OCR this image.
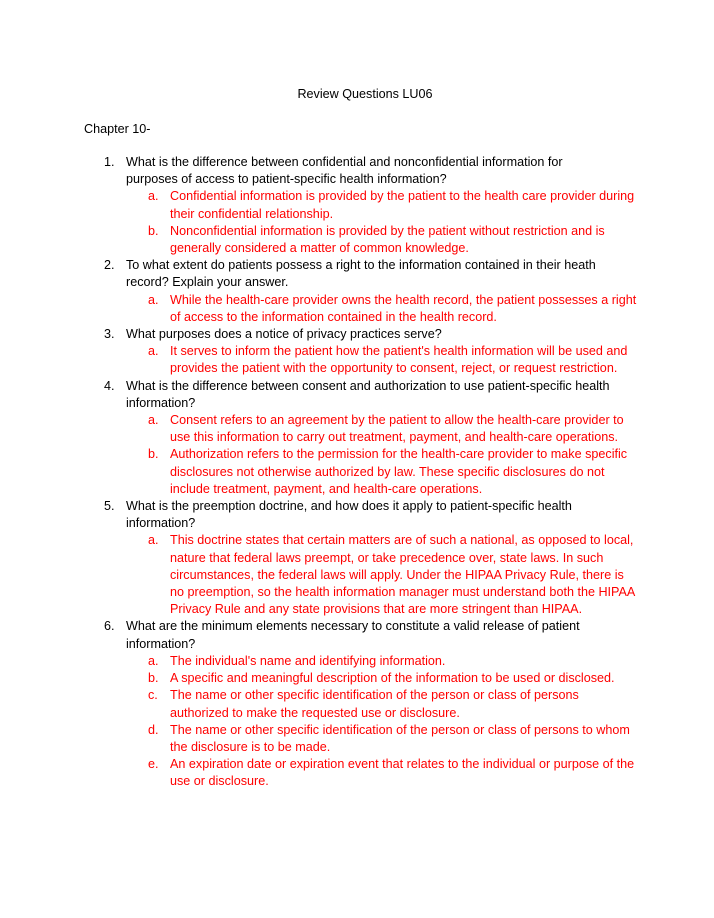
Review Questions LU06
Chapter 10-
1. What is the difference between confidential and nonconfidential information for purposes of access to patient-specific health information?
a. Confidential information is provided by the patient to the health care provider during their confidential relationship.
b. Nonconfidential information is provided by the patient without restriction and is generally considered a matter of common knowledge.
2. To what extent do patients possess a right to the information contained in their heath record? Explain your answer.
a. While the health-care provider owns the health record, the patient possesses a right of access to the information contained in the health record.
3. What purposes does a notice of privacy practices serve?
a. It serves to inform the patient how the patient's health information will be used and provides the patient with the opportunity to consent, reject, or request restriction.
4. What is the difference between consent and authorization to use patient-specific health information?
a. Consent refers to an agreement by the patient to allow the health-care provider to use this information to carry out treatment, payment, and health-care operations.
b. Authorization refers to the permission for the health-care provider to make specific disclosures not otherwise authorized by law. These specific disclosures do not include treatment, payment, and health-care operations.
5. What is the preemption doctrine, and how does it apply to patient-specific health information?
a. This doctrine states that certain matters are of such a national, as opposed to local, nature that federal laws preempt, or take precedence over, state laws. In such circumstances, the federal laws will apply. Under the HIPAA Privacy Rule, there is no preemption, so the health information manager must understand both the HIPAA Privacy Rule and any state provisions that are more stringent than HIPAA.
6. What are the minimum elements necessary to constitute a valid release of patient information?
a. The individual's name and identifying information.
b. A specific and meaningful description of the information to be used or disclosed.
c. The name or other specific identification of the person or class of persons authorized to make the requested use or disclosure.
d. The name or other specific identification of the person or class of persons to whom the disclosure is to be made.
e. An expiration date or expiration event that relates to the individual or purpose of the use or disclosure.
